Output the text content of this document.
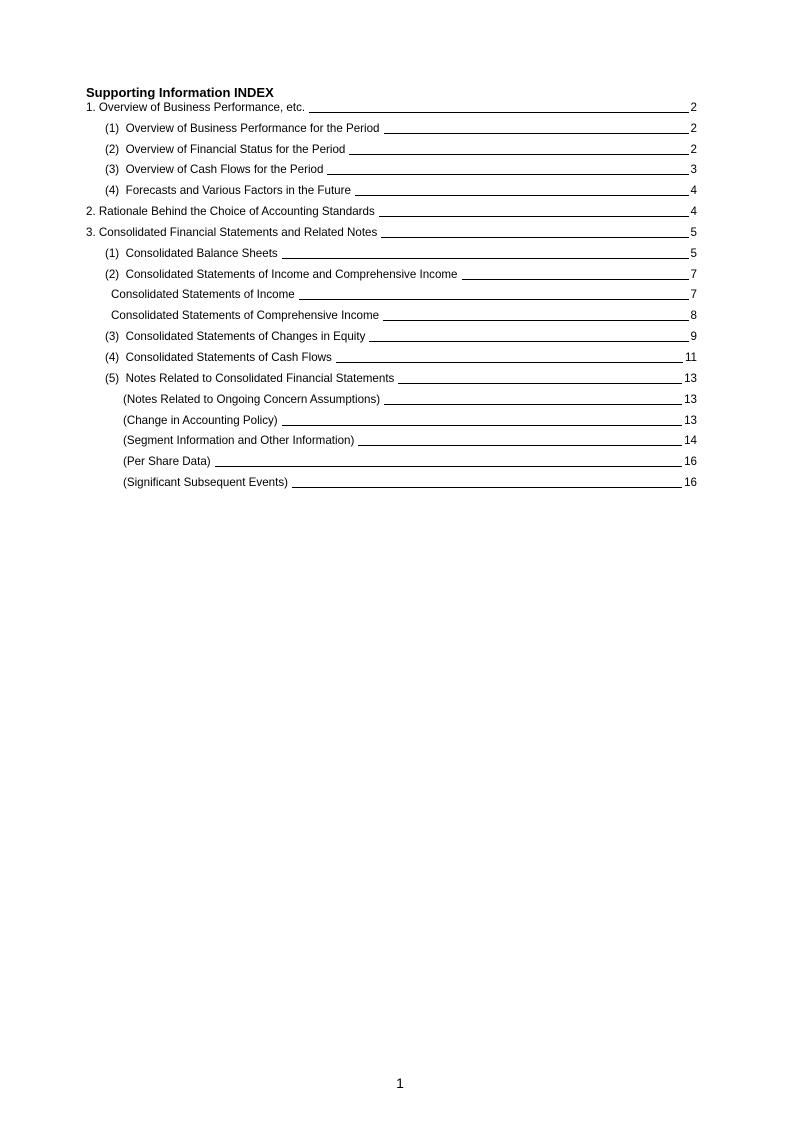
Supporting Information INDEX
1. Overview of Business Performance, etc.	2
(1)  Overview of Business Performance for the Period	2
(2)  Overview of Financial Status for the Period	2
(3)  Overview of Cash Flows for the Period	3
(4)  Forecasts and Various Factors in the Future	4
2. Rationale Behind the Choice of Accounting Standards	4
3. Consolidated Financial Statements and Related Notes	5
(1)  Consolidated Balance Sheets	5
(2)  Consolidated Statements of Income and Comprehensive Income	7
Consolidated Statements of Income	7
Consolidated Statements of Comprehensive Income	8
(3)  Consolidated Statements of Changes in Equity	9
(4)  Consolidated Statements of Cash Flows	11
(5)  Notes Related to Consolidated Financial Statements	13
(Notes Related to Ongoing Concern Assumptions)	13
(Change in Accounting Policy)	13
(Segment Information and Other Information)	14
(Per Share Data)	16
(Significant Subsequent Events)	16
1
